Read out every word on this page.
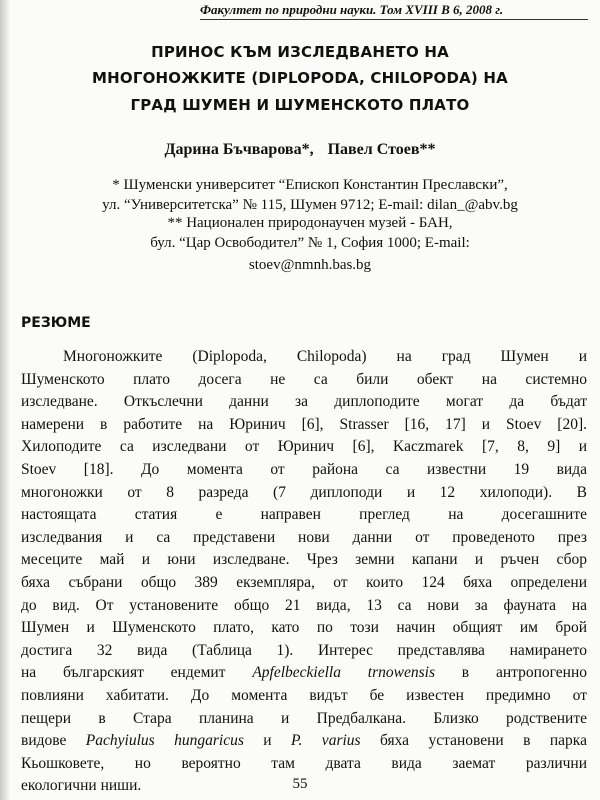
Факултет по природни науки. Том XVIII В 6, 2008 г.
ПРИНОС КЪМ ИЗСЛЕДВАНЕТО НА
МНОГОНОЖКИТЕ (DIPLOPODA, CHILOPODA) НА
ГРАД ШУМЕН И ШУМЕНСКОТО ПЛАТО
Дарина Бъчварова*, Павел Стоев**
* Шуменски университет “Епископ Константин Преславски”,
ул. “Университетска” № 115, Шумен 9712; E-mail: dilan_@abv.bg
** Национален природонаучен музей - БАН,
бул. “Цар Освободител” № 1, София 1000; E-mail:
stoev@nmnh.bas.bg
РЕЗЮМЕ
Многоножките (Diplopoda, Chilopoda) на град Шумен и
Шуменското плато досега не са били обект на системно
изследване. Откъслечни данни за диплоподите могат да бъдат
намерени в работите на Юринич [6], Strasser [16, 17] и Stoev [20].
Хилоподите са изследвани от Юринич [6], Kaczmarek [7, 8, 9] и
Stoev [18]. До момента от района са известни 19 вида
многоножки от 8 разреда (7 диплоподи и 12 хилоподи). В
настоящата статия е направен преглед на досегашните
изследвания и са представени нови данни от проведеното през
месеците май и юни изследване. Чрез земни капани и ръчен сбор
бяха събрани общо 389 екземпляра, от които 124 бяха определени
до вид. От установените общо 21 вида, 13 са нови за фауната на
Шумен и Шуменското плато, като по този начин общият им брой
достига 32 вида (Таблица 1). Интерес представлява намирането
на българският ендемит Apfelbeckiella trnowensis в антропогенно
повлияни хабитати. До момента видът бе известен предимно от
пещери в Стара планина и Предбалкана. Близко родствените
видове Pachyiulus hungaricus и P. varius бяха установени в парка
Кьошковете, но вероятно там двата вида заемат различни
екологични ниши.	55
